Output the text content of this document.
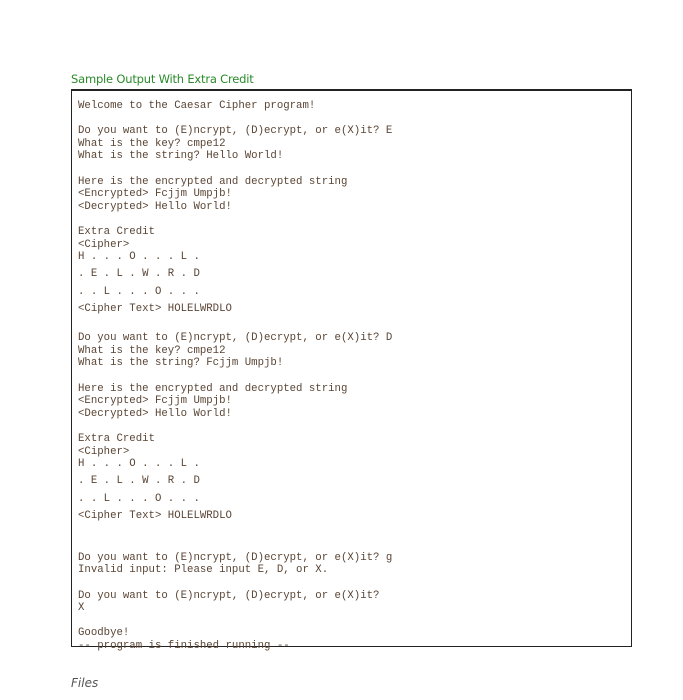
Sample Output With Extra Credit
Welcome to the Caesar Cipher program!
Do you want to (E)ncrypt, (D)ecrypt, or e(X)it? E
What is the key? cmpe12
What is the string? Hello World!
Here is the encrypted and decrypted string
<Encrypted> Fcjjm Umpjb!
<Decrypted> Hello World!
Extra Credit
<Cipher>
H . . . O . . . L .
. E . L . W . R . D
. . L . . . O . . .
<Cipher Text> HOLELWRDLO
Do you want to (E)ncrypt, (D)ecrypt, or e(X)it? D
What is the key? cmpe12
What is the string? Fcjjm Umpjb!
Here is the encrypted and decrypted string
<Encrypted> Fcjjm Umpjb!
<Decrypted> Hello World!
Extra Credit
<Cipher>
H . . . O . . . L .
. E . L . W . R . D
. . L . . . O . . .
<Cipher Text> HOLELWRDLO
Do you want to (E)ncrypt, (D)ecrypt, or e(X)it? g
Invalid input: Please input E, D, or X.
Do you want to (E)ncrypt, (D)ecrypt, or e(X)it?
X
Goodbye!
-- program is finished running --
Files
